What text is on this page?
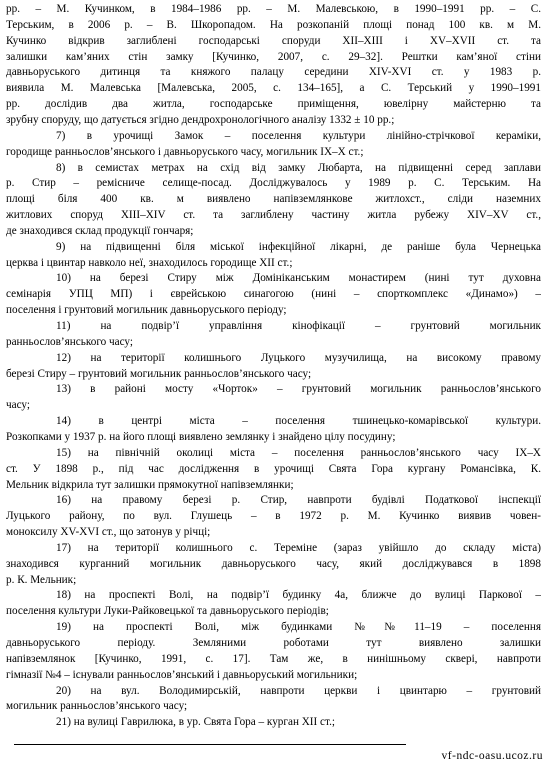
рр. – М. Кучинком, в 1984–1986 рр. – М. Малевською, в 1990–1991 рр. – С.
Терським, в 2006 р. – В. Шкоропадом. На розкопаній площі понад 100 кв. м М.
Кучинко відкрив заглиблені господарські споруди XII–XIII і XV–XVII ст. та
залишки кам’яних стін замку [Кучинко, 2007, с. 29–32]. Рештки кам’яної стіни
давньоруського дитинця та княжого палацу середини XIV-XVI ст. у 1983 р.
виявила М. Малевська [Малевська, 2005, с. 134–165], а С. Терський у 1990–1991
рр. дослідив два житла, господарське приміщення, ювелірну майстерню та
зрубну споруду, що датується згідно дендрохронологічного аналізу 1332 ± 10 рр.;
7) в урочищі Замок – поселення культури лінійно-стрічкової кераміки,
городище ранньослов’янського і давньоруського часу, могильник IX–X ст.;
8) в семистах метрах на схід від замку Любарта, на підвищенні серед заплави
р. Стир – ремісниче селище-посад. Досліджувалось у 1989 р. С. Терським. На
площі біля 400 кв. м виявлено напівземлянкове житлохст., сліди наземних
житлових споруд XIII–XIV ст. та заглиблену частину житла рубежу XIV–XV ст.,
де знаходився склад продукції гончаря;
9) на підвищенні біля міської інфекційної лікарні, де раніше була Чернецька
церква і цвинтар навколо неї, знаходилось городище XII ст.;
10) на березі Стиру між Домініканським монастирем (нині тут духовна
семінарія УПЦ МП) і єврейською синагогою (нині – спорткомплекс «Динамо») –
поселення і грунтовий могильник давньоруського періоду;
11) на подвір’ї управління кінофікації – грунтовий могильник
ранньослов’янського часу;
12) на території колишнього Луцького музучилища, на високому правому
березі Стиру – грунтовий могильник ранньослов’янського часу;
13) в районі мосту «Чорток» – грунтовий могильник ранньослов’янського
часу;
14) в центрі міста – поселення тшинецько-комарівської культури.
Розкопками у 1937 р. на його площі виявлено землянку і знайдено цілу посудину;
15) на північній околиці міста – поселення ранньослов’янського часу IX–X
ст. У 1898 р., під час дослідження в урочищі Свята Гора кургану Романсівка, К.
Мельник відкрила тут залишки прямокутної напівземлянки;
16) на правому березі р. Стир, навпроти будівлі Податкової інспекції
Луцького району, по вул. Глушець – в 1972 р. М. Кучинко виявив човен-
моноксилу XV-XVI ст., що затонув у річці;
17) на території колишнього с. Тереміне (зараз увійшло до складу міста)
знаходився курганний могильник давньоруського часу, який досліджувався в 1898
р. К. Мельник;
18) на проспекті Волі, на подвір’ї будинку 4а, ближче до вулиці Паркової –
поселення культури Луки-Райковецької та давньоруського періодів;
19) на проспекті Волі, між будинками №№11–19 – поселення
давньоруського періоду. Земляними роботами тут виявлено залишки
напівземлянок [Кучинко, 1991, с. 17]. Там же, в нинішньому сквері, навпроти
гімназії №4 – існували ранньослов’янський і давньоруський могильники;
20) на вул. Володимирській, навпроти церкви і цвинтарю – грунтовий
могильник ранньослов’янського часу;
21) на вулиці Гаврилюка, в ур. Свята Гора – курган XII ст.;
vf-ndc-oasu.ucoz.ru
